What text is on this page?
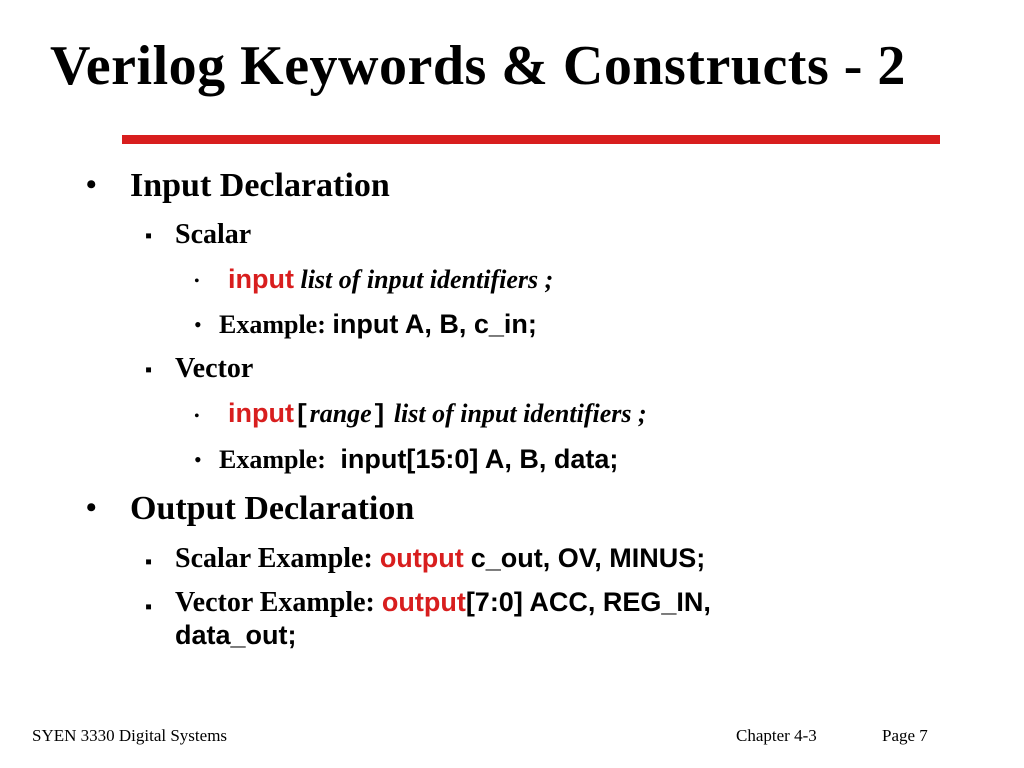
Verilog Keywords & Constructs - 2
• Input Declaration
▪ Scalar
• input list of input identifiers ;
• Example: input A, B, c_in;
▪ Vector
• input[range] list of input identifiers ;
• Example: input[15:0] A, B, data;
• Output Declaration
▪ Scalar Example: output c_out, OV, MINUS;
▪ Vector Example: output[7:0] ACC, REG_IN,
data_out;
SYEN 3330 Digital Systems	Chapter 4-3	Page 7
